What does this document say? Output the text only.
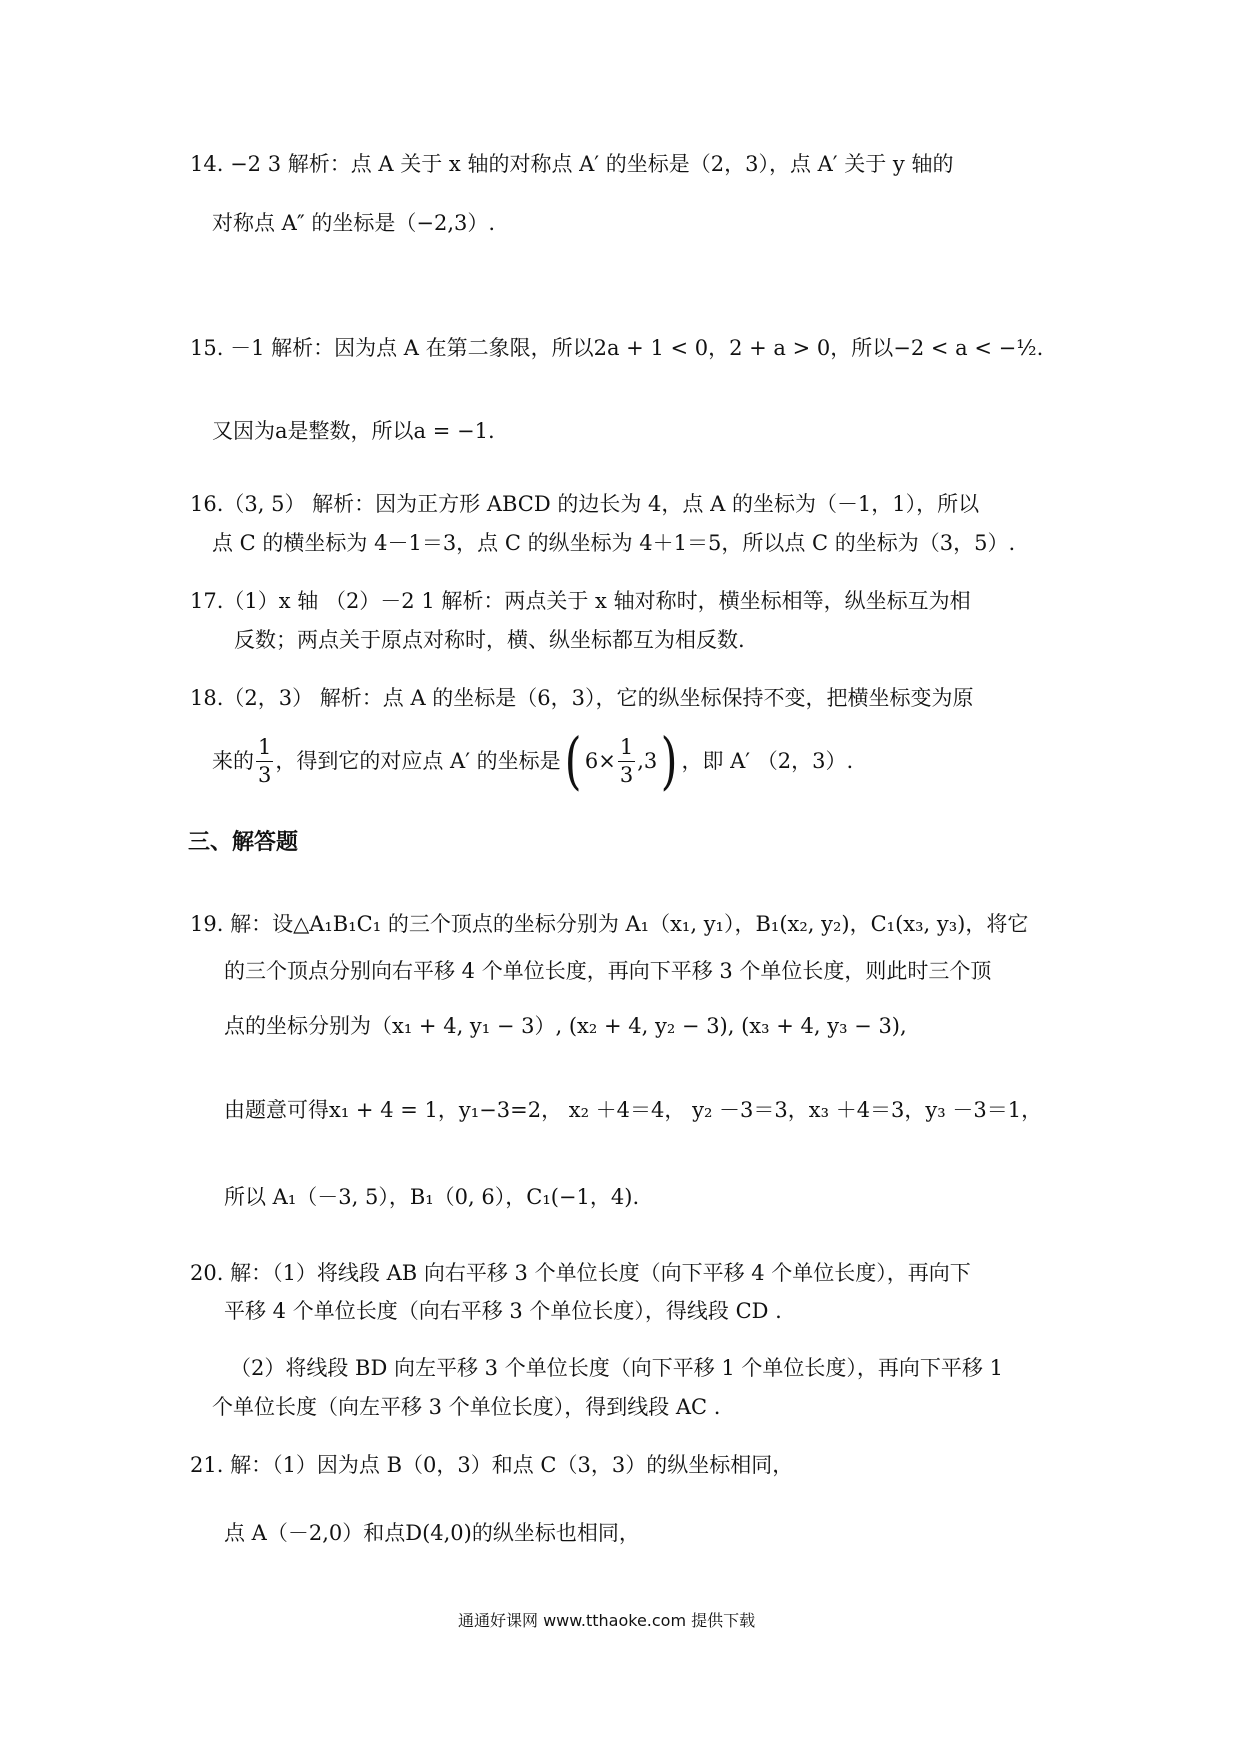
14. −2 3 解析：点 A 关于 x 轴的对称点 A′ 的坐标是（2，3），点 A′ 关于 y 轴的
对称点 A″ 的坐标是（−2,3）.
15. －1 解析：因为点 A 在第二象限，所以2a + 1 < 0，2 + a > 0，所以−2 < a < −½.
又因为a是整数，所以a = −1.
16.（3, 5） 解析：因为正方形 ABCD 的边长为 4，点 A 的坐标为（－1，1），所以
点 C 的横坐标为 4－1＝3，点 C 的纵坐标为 4＋1＝5，所以点 C 的坐标为（3，5）.
17.（1）x 轴 （2）－2 1 解析：两点关于 x 轴对称时，横坐标相等，纵坐标互为相
反数；两点关于原点对称时，横、纵坐标都互为相反数.
18.（2，3） 解析：点 A 的坐标是（6，3），它的纵坐标保持不变，把横坐标变为原
来的 $\frac{1}{3}$ ，得到它的对应点 A′ 的坐标是( $6\times \frac{1}{3} ,3$) ，即 A′ （2，3）.
三、解答题
19. 解：设△A₁B₁C₁ 的三个顶点的坐标分别为 A₁（x₁, y₁），B₁(x₂, y₂)，C₁(x₃, y₃)，将它
的三个顶点分别向右平移 4 个单位长度，再向下平移 3 个单位长度，则此时三个顶
点的坐标分别为（x₁ + 4, y₁ − 3）, (x₂ + 4, y₂ − 3), (x₃ + 4, y₃ − 3),
由题意可得x₁ + 4 = 1，y₁−3=2， x₂ ＋4＝4， y₂ －3＝3，x₃ ＋4＝3，y₃ －3＝1，
所以 A₁（－3, 5），B₁（0, 6），C₁(−1，4).
20. 解：（1）将线段 AB 向右平移 3 个单位长度（向下平移 4 个单位长度），再向下
平移 4 个单位长度（向右平移 3 个单位长度），得线段 CD .
（2）将线段 BD 向左平移 3 个单位长度（向下平移 1 个单位长度），再向下平移 1
个单位长度（向左平移 3 个单位长度），得到线段 AC .
21. 解：（1）因为点 B（0，3）和点 C（3，3）的纵坐标相同，
点 A（－2,0）和点D(4,0)的纵坐标也相同，
通通好课网 www.tthaoke.com 提供下载
